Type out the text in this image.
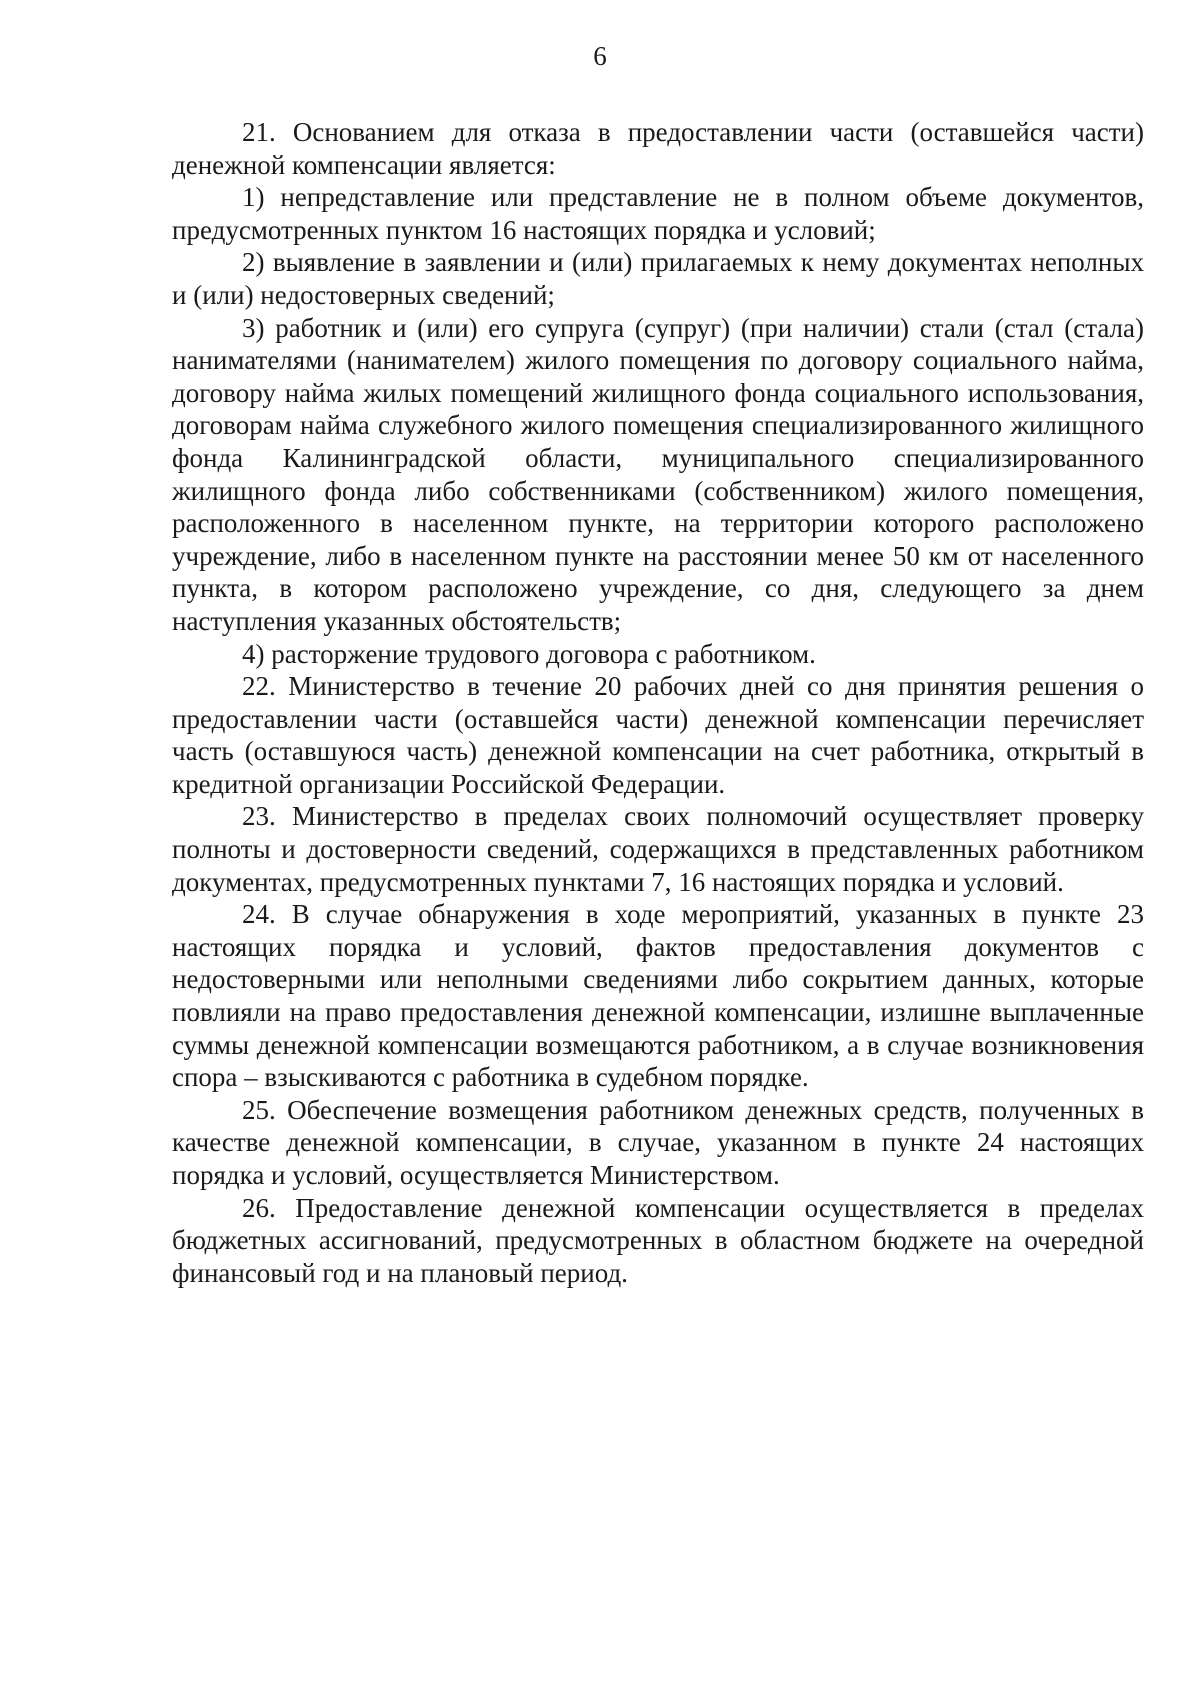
6

21. Основанием для отказа в предоставлении части (оставшейся части) денежной компенсации является:

1) непредставление или представление не в полном объеме документов, предусмотренных пунктом 16 настоящих порядка и условий;

2) выявление в заявлении и (или) прилагаемых к нему документах неполных и (или) недостоверных сведений;

3) работник и (или) его супруга (супруг) (при наличии) стали (стал (стала) нанимателями (нанимателем) жилого помещения по договору социального найма, договору найма жилых помещений жилищного фонда социального использования, договорам найма служебного жилого помещения специализированного жилищного фонда Калининградской области, муниципального специализированного жилищного фонда либо собственниками (собственником) жилого помещения, расположенного в населенном пункте, на территории которого расположено учреждение, либо в населенном пункте на расстоянии менее 50 км от населенного пункта, в котором расположено учреждение, со дня, следующего за днем наступления указанных обстоятельств;

4) расторжение трудового договора с работником.

22. Министерство в течение 20 рабочих дней со дня принятия решения о предоставлении части (оставшейся части) денежной компенсации перечисляет часть (оставшуюся часть) денежной компенсации на счет работника, открытый в кредитной организации Российской Федерации.

23. Министерство в пределах своих полномочий осуществляет проверку полноты и достоверности сведений, содержащихся в представленных работником документах, предусмотренных пунктами 7, 16 настоящих порядка и условий.

24. В случае обнаружения в ходе мероприятий, указанных в пункте 23 настоящих порядка и условий, фактов предоставления документов с недостоверными или неполными сведениями либо сокрытием данных, которые повлияли на право предоставления денежной компенсации, излишне выплаченные суммы денежной компенсации возмещаются работником, а в случае возникновения спора – взыскиваются с работника в судебном порядке.

25. Обеспечение возмещения работником денежных средств, полученных в качестве денежной компенсации, в случае, указанном в пункте 24 настоящих порядка и условий, осуществляется Министерством.

26. Предоставление денежной компенсации осуществляется в пределах бюджетных ассигнований, предусмотренных в областном бюджете на очередной финансовый год и на плановый период.
